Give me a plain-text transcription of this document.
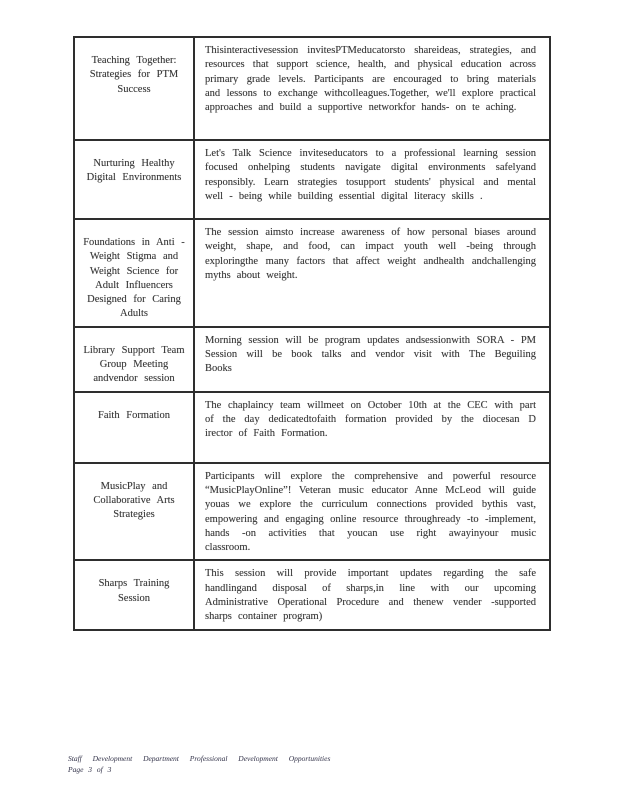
Teaching Together: Strategies for PTM Success
Thisinteractivesession invitesPTMeducatorsto shareideas, strategies, and resources that support science, health, and physical education across primary grade levels. Participants are encouraged to bring materials and lessons to exchange withcolleagues.Together, we'll explore practical approaches and build a supportive networkfor hands- on te aching.
Nurturing Healthy Digital Environments
Let's Talk Science inviteseducators to a professional learning session focused onhelping students navigate digital environments safelyand responsibly. Learn strategies tosupport students' physical and mental well - being while building essential digital literacy skills .
Foundations in Anti - Weight Stigma and Weight Science for Adult Influencers Designed for Caring Adults
The session aimsto increase awareness of how personal biases around weight, shape, and food, can impact youth well -being through exploringthe many factors that affect weight andhealth andchallenging myths about weight.
Library Support Team Group Meeting andvendor session
Morning session will be program updates andsessionwith SORA - PM Session will be book talks and vendor visit with The Beguiling Books
Faith Formation
The chaplaincy team willmeet on October 10th at the CEC with part of the day dedicatedtofaith formation provided by the diocesan D irector of Faith Formation.
MusicPlay and Collaborative Arts Strategies
Participants will explore the comprehensive and powerful resource “MusicPlayOnline”! Veteran music educator Anne McLeod will guide youas we explore the curriculum connections provided bythis vast, empowering and engaging online resource throughready -to -implement, hands -on activities that youcan use right awayinyour music classroom.
Sharps Training Session
This session will provide important updates regarding the safe handlingand disposal of sharps,in line with our upcoming Administrative Operational Procedure and thenew vender -supported sharps container program)
Staff Development Department Professional Development Opportunities
Page 3 of 3
